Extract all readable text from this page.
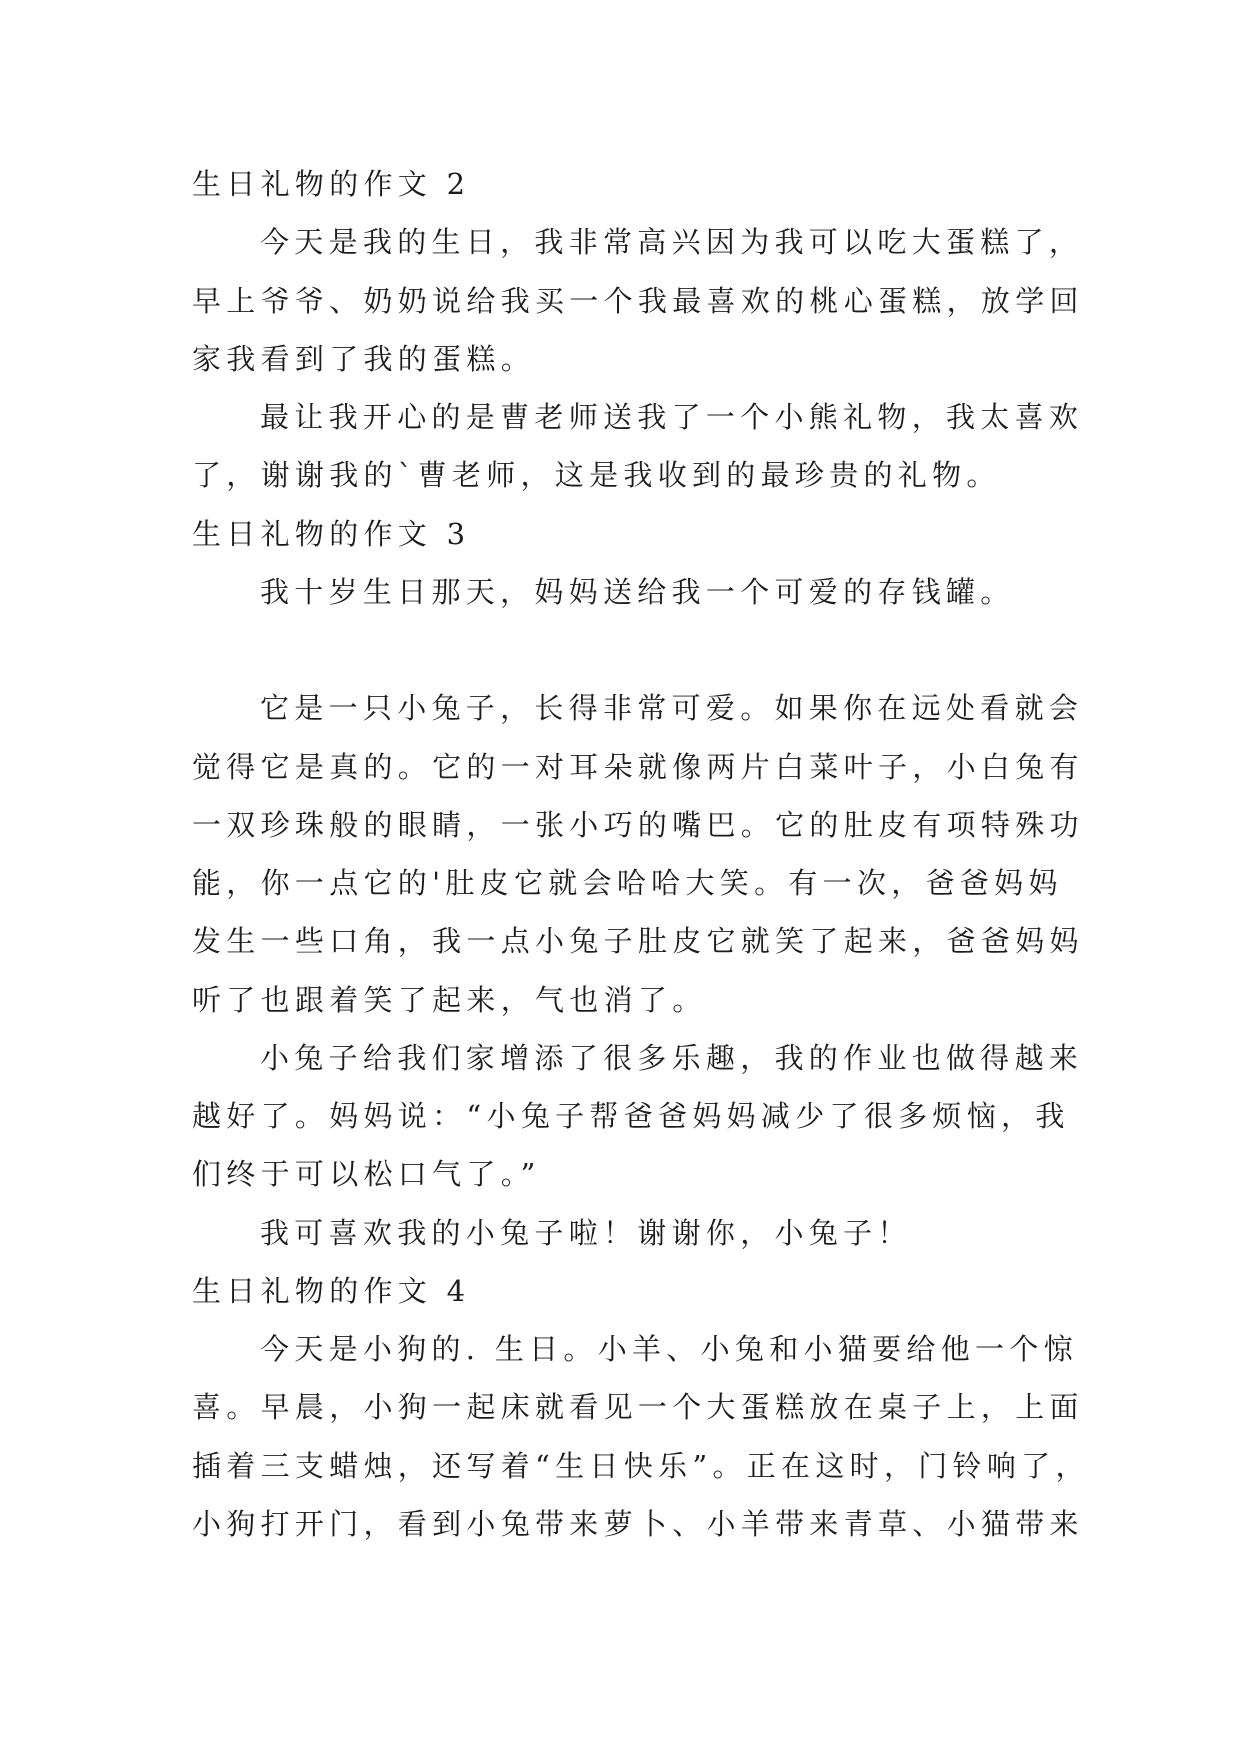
生日礼物的作文 2
今天是我的生日，我非常高兴因为我可以吃大蛋糕了，
早上爷爷、奶奶说给我买一个我最喜欢的桃心蛋糕，放学回
家我看到了我的蛋糕。
最让我开心的是曹老师送我了一个小熊礼物，我太喜欢
了，谢谢我的`曹老师，这是我收到的最珍贵的礼物。
生日礼物的作文 3
我十岁生日那天，妈妈送给我一个可爱的存钱罐。
它是一只小兔子，长得非常可爱。如果你在远处看就会
觉得它是真的。它的一对耳朵就像两片白菜叶子，小白兔有
一双珍珠般的眼睛，一张小巧的嘴巴。它的肚皮有项特殊功
能，你一点它的'肚皮它就会哈哈大笑。有一次，爸爸妈妈
发生一些口角，我一点小兔子肚皮它就笑了起来，爸爸妈妈
听了也跟着笑了起来，气也消了。
小兔子给我们家增添了很多乐趣，我的作业也做得越来
越好了。妈妈说：“小兔子帮爸爸妈妈减少了很多烦恼，我
们终于可以松口气了。”
我可喜欢我的小兔子啦！谢谢你，小兔子！
生日礼物的作文 4
今天是小狗的. 生日。小羊、小兔和小猫要给他一个惊
喜。早晨，小狗一起床就看见一个大蛋糕放在桌子上，上面
插着三支蜡烛，还写着“生日快乐”。正在这时，门铃响了，
小狗打开门，看到小兔带来萝卜、小羊带来青草、小猫带来
